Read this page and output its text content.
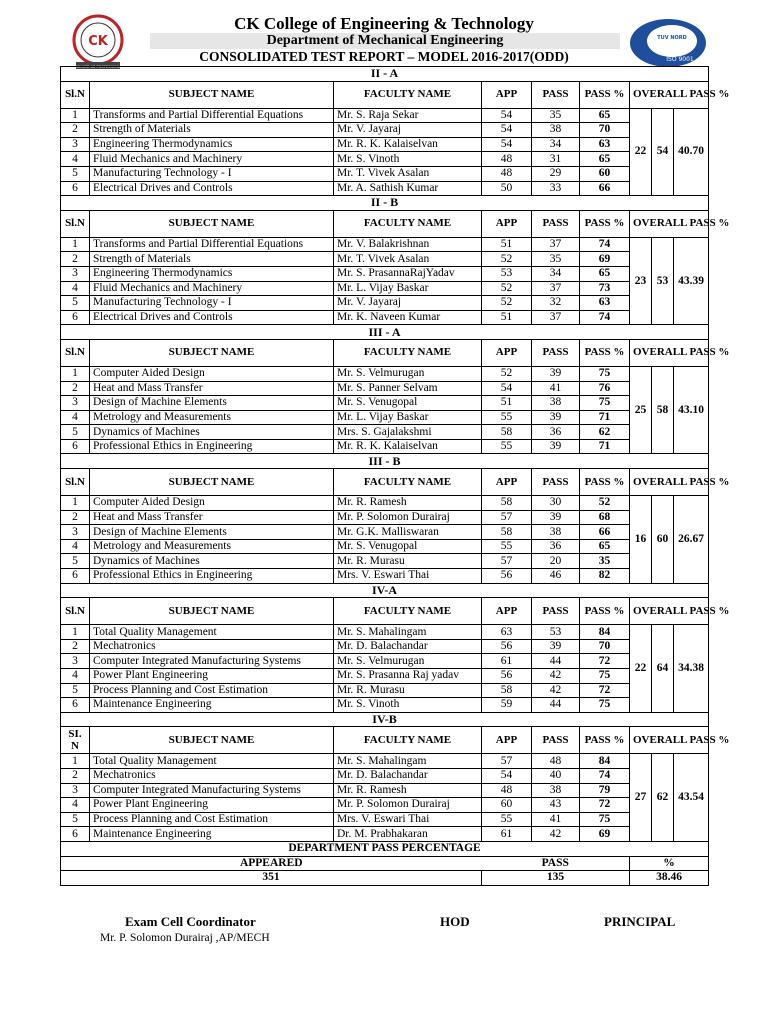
CK
GRADUATE AS PROFESSIONALS
CK College of Engineering & Technology
Department of Mechanical Engineering
CONSOLIDATED TEST REPORT – MODEL 2016-2017(ODD)
TUV NORD
ISO 9001
II - A								
Sl.N	SUBJECT NAME	FACULTY NAME	APP	PASS	PASS %	OVERALL PASS %		
1	Transforms and Partial Differential Equations	Mr. S. Raja Sekar	54	35	65	22	54	40.70
2	Strength of Materials	Mr. V. Jayaraj	54	38	70			
3	Engineering Thermodynamics	Mr. R. K. Kalaiselvan	54	34	63			
4	Fluid Mechanics and Machinery	Mr. S. Vinoth	48	31	65			
5	Manufacturing Technology - I	Mr. T. Vivek Asalan	48	29	60			
6	Electrical Drives and Controls	Mr. A. Sathish Kumar	50	33	66			
II - B								
Sl.N	SUBJECT NAME	FACULTY NAME	APP	PASS	PASS %	OVERALL PASS %		
1	Transforms and Partial Differential Equations	Mr. V. Balakrishnan	51	37	74	23	53	43.39
2	Strength of Materials	Mr. T. Vivek Asalan	52	35	69			
3	Engineering Thermodynamics	Mr. S. PrasannaRajYadav	53	34	65			
4	Fluid Mechanics and Machinery	Mr. L. Vijay Baskar	52	37	73			
5	Manufacturing Technology - I	Mr. V. Jayaraj	52	32	63			
6	Electrical Drives and Controls	Mr. K. Naveen Kumar	51	37	74			
III - A								
Sl.N	SUBJECT NAME	FACULTY NAME	APP	PASS	PASS %	OVERALL PASS %		
1	Computer Aided Design	Mr. S. Velmurugan	52	39	75	25	58	43.10
2	Heat and Mass Transfer	Mr. S. Panner Selvam	54	41	76			
3	Design of Machine Elements	Mr. S. Venugopal	51	38	75			
4	Metrology and Measurements	Mr. L. Vijay Baskar	55	39	71			
5	Dynamics of Machines	Mrs. S. Gajalakshmi	58	36	62			
6	Professional Ethics in Engineering	Mr. R. K. Kalaiselvan	55	39	71			
III - B								
Sl.N	SUBJECT NAME	FACULTY NAME	APP	PASS	PASS %	OVERALL PASS %		
1	Computer Aided Design	Mr. R. Ramesh	58	30	52	16	60	26.67
2	Heat and Mass Transfer	Mr. P. Solomon Durairaj	57	39	68			
3	Design of Machine Elements	Mr. G.K. Malliswaran	58	38	66			
4	Metrology and Measurements	Mr. S. Venugopal	55	36	65			
5	Dynamics of Machines	Mr. R. Murasu	57	20	35			
6	Professional Ethics in Engineering	Mrs. V. Eswari Thai	56	46	82			
IV-A								
Sl.N	SUBJECT NAME	FACULTY NAME	APP	PASS	PASS %	OVERALL PASS %		
1	Total Quality Management	Mr. S. Mahalingam	63	53	84	22	64	34.38
2	Mechatronics	Mr. D. Balachandar	56	39	70			
3	Computer Integrated Manufacturing Systems	Mr. S. Velmurugan	61	44	72			
4	Power Plant Engineering	Mr. S. Prasanna Raj yadav	56	42	75			
5	Process Planning and Cost Estimation	Mr. R. Murasu	58	42	72			
6	Maintenance Engineering	Mr. S. Vinoth	59	44	75			
IV-B								
SI. N	SUBJECT NAME	FACULTY NAME	APP	PASS	PASS %	OVERALL PASS %		
1	Total Quality Management	Mr. S. Mahalingam	57	48	84	27	62	43.54
2	Mechatronics	Mr. D. Balachandar	54	40	74			
3	Computer Integrated Manufacturing Systems	Mr. R. Ramesh	48	38	79			
4	Power Plant Engineering	Mr. P. Solomon Durairaj	60	43	72			
5	Process Planning and Cost Estimation	Mrs. V. Eswari Thai	55	41	75			
6	Maintenance Engineering	Dr. M. Prabhakaran	61	42	69			
DEPARTMENT PASS PERCENTAGE								
APPEARED			PASS			%		
351			135			38.46		
Exam Cell Coordinator
Mr. P. Solomon Durairaj ,AP/MECH
HOD	PRINCIPAL
